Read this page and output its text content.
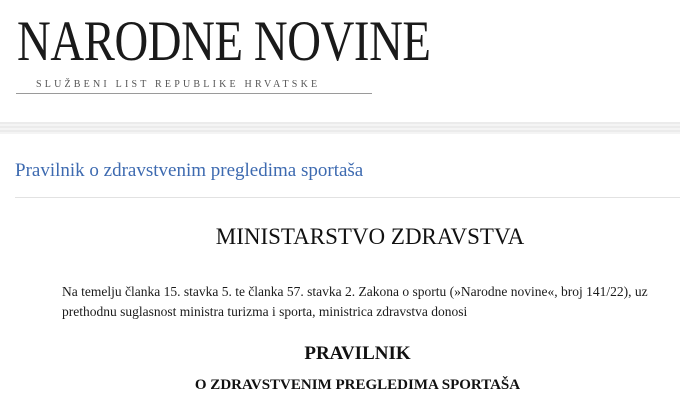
NARODNE NOVINE
SLUŽBENI LIST REPUBLIKE HRVATSKE
Pravilnik o zdravstvenim pregledima sportaša
MINISTARSTVO ZDRAVSTVA

Na temelju članka 15. stavka 5. te članka 57. stavka 2. Zakona o sportu (»Narodne novine«, broj 141/22), uz
prethodnu suglasnost ministra turizma i sporta, ministrica zdravstva donosi

PRAVILNIK
O ZDRAVSTVENIM PREGLEDIMA SPORTAŠA
